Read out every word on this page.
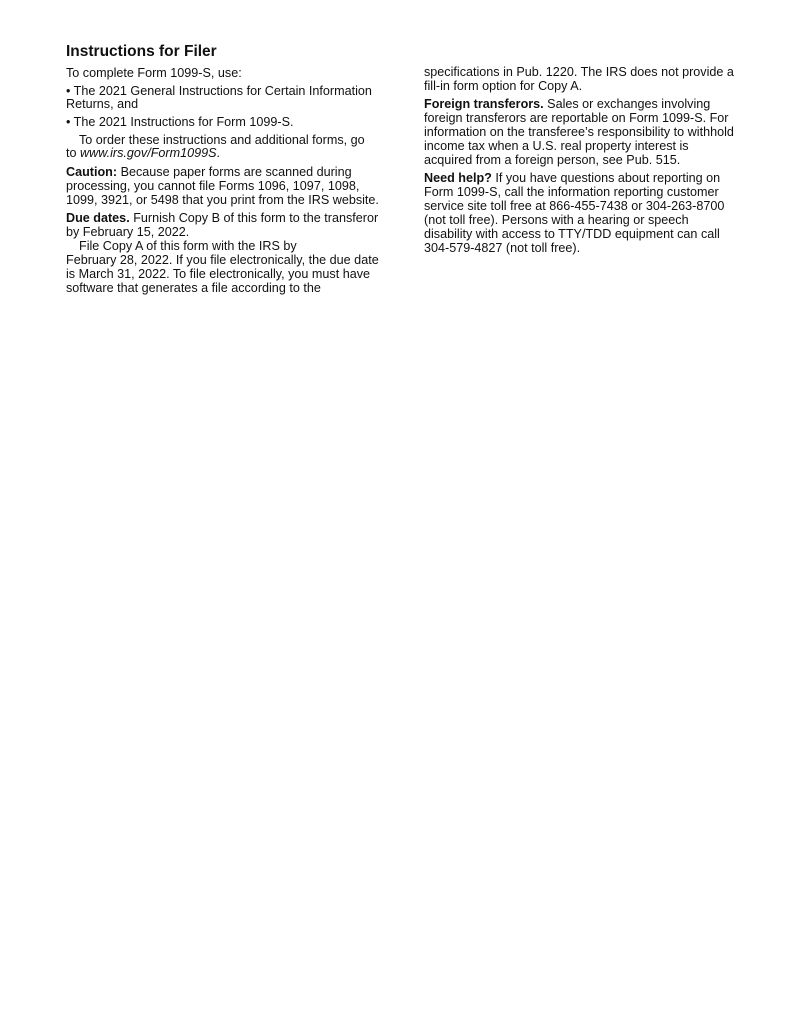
Instructions for Filer
To complete Form 1099-S, use:
• The 2021 General Instructions for Certain Information
Returns, and
• The 2021 Instructions for Form 1099-S.
To order these instructions and additional forms, go
to www.irs.gov/Form1099S.
Caution: Because paper forms are scanned during
processing, you cannot file Forms 1096, 1097, 1098,
1099, 3921, or 5498 that you print from the IRS website.
Due dates. Furnish Copy B of this form to the transferor
by February 15, 2022.
File Copy A of this form with the IRS by
February 28, 2022. If you file electronically, the due date
is March 31, 2022. To file electronically, you must have
software that generates a file according to the
specifications in Pub. 1220. The IRS does not provide a
fill-in form option for Copy A.
Foreign transferors. Sales or exchanges involving
foreign transferors are reportable on Form 1099-S. For
information on the transferee’s responsibility to withhold
income tax when a U.S. real property interest is
acquired from a foreign person, see Pub. 515.
Need help? If you have questions about reporting on
Form 1099-S, call the information reporting customer
service site toll free at 866-455-7438 or 304-263-8700
(not toll free). Persons with a hearing or speech
disability with access to TTY/TDD equipment can call
304-579-4827 (not toll free).
